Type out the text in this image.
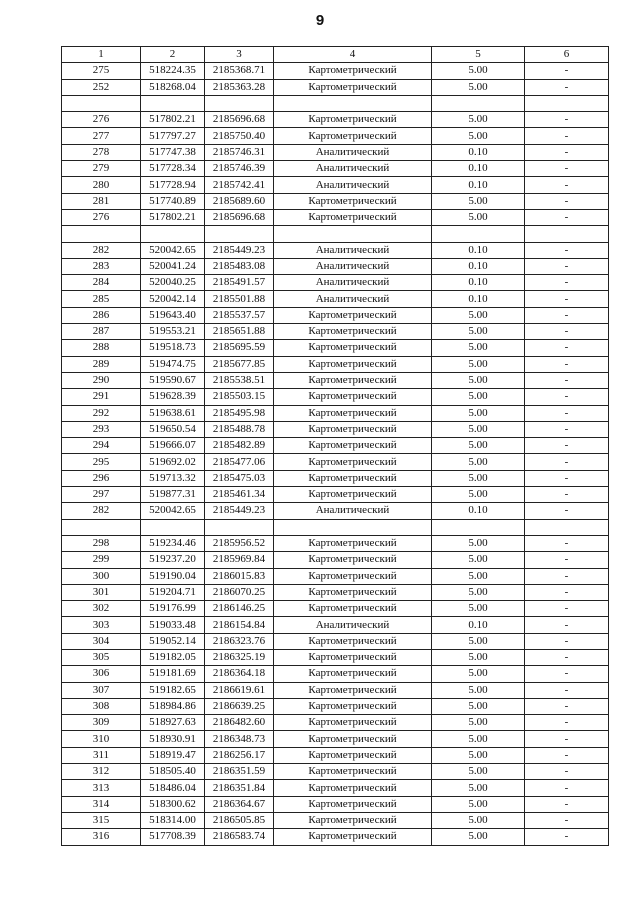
9
1	2	3	4	5	6
275	518224.35	2185368.71	Картометрический	5.00	-
252	518268.04	2185363.28	Картометрический	5.00	-

276	517802.21	2185696.68	Картометрический	5.00	-
277	517797.27	2185750.40	Картометрический	5.00	-
278	517747.38	2185746.31	Аналитический	0.10	-
279	517728.34	2185746.39	Аналитический	0.10	-
280	517728.94	2185742.41	Аналитический	0.10	-
281	517740.89	2185689.60	Картометрический	5.00	-
276	517802.21	2185696.68	Картометрический	5.00	-

282	520042.65	2185449.23	Аналитический	0.10	-
283	520041.24	2185483.08	Аналитический	0.10	-
284	520040.25	2185491.57	Аналитический	0.10	-
285	520042.14	2185501.88	Аналитический	0.10	-
286	519643.40	2185537.57	Картометрический	5.00	-
287	519553.21	2185651.88	Картометрический	5.00	-
288	519518.73	2185695.59	Картометрический	5.00	-
289	519474.75	2185677.85	Картометрический	5.00	-
290	519590.67	2185538.51	Картометрический	5.00	-
291	519628.39	2185503.15	Картометрический	5.00	-
292	519638.61	2185495.98	Картометрический	5.00	-
293	519650.54	2185488.78	Картометрический	5.00	-
294	519666.07	2185482.89	Картометрический	5.00	-
295	519692.02	2185477.06	Картометрический	5.00	-
296	519713.32	2185475.03	Картометрический	5.00	-
297	519877.31	2185461.34	Картометрический	5.00	-
282	520042.65	2185449.23	Аналитический	0.10	-

298	519234.46	2185956.52	Картометрический	5.00	-
299	519237.20	2185969.84	Картометрический	5.00	-
300	519190.04	2186015.83	Картометрический	5.00	-
301	519204.71	2186070.25	Картометрический	5.00	-
302	519176.99	2186146.25	Картометрический	5.00	-
303	519033.48	2186154.84	Аналитический	0.10	-
304	519052.14	2186323.76	Картометрический	5.00	-
305	519182.05	2186325.19	Картометрический	5.00	-
306	519181.69	2186364.18	Картометрический	5.00	-
307	519182.65	2186619.61	Картометрический	5.00	-
308	518984.86	2186639.25	Картометрический	5.00	-
309	518927.63	2186482.60	Картометрический	5.00	-
310	518930.91	2186348.73	Картометрический	5.00	-
311	518919.47	2186256.17	Картометрический	5.00	-
312	518505.40	2186351.59	Картометрический	5.00	-
313	518486.04	2186351.84	Картометрический	5.00	-
314	518300.62	2186364.67	Картометрический	5.00	-
315	518314.00	2186505.85	Картометрический	5.00	-
316	517708.39	2186583.74	Картометрический	5.00	-
